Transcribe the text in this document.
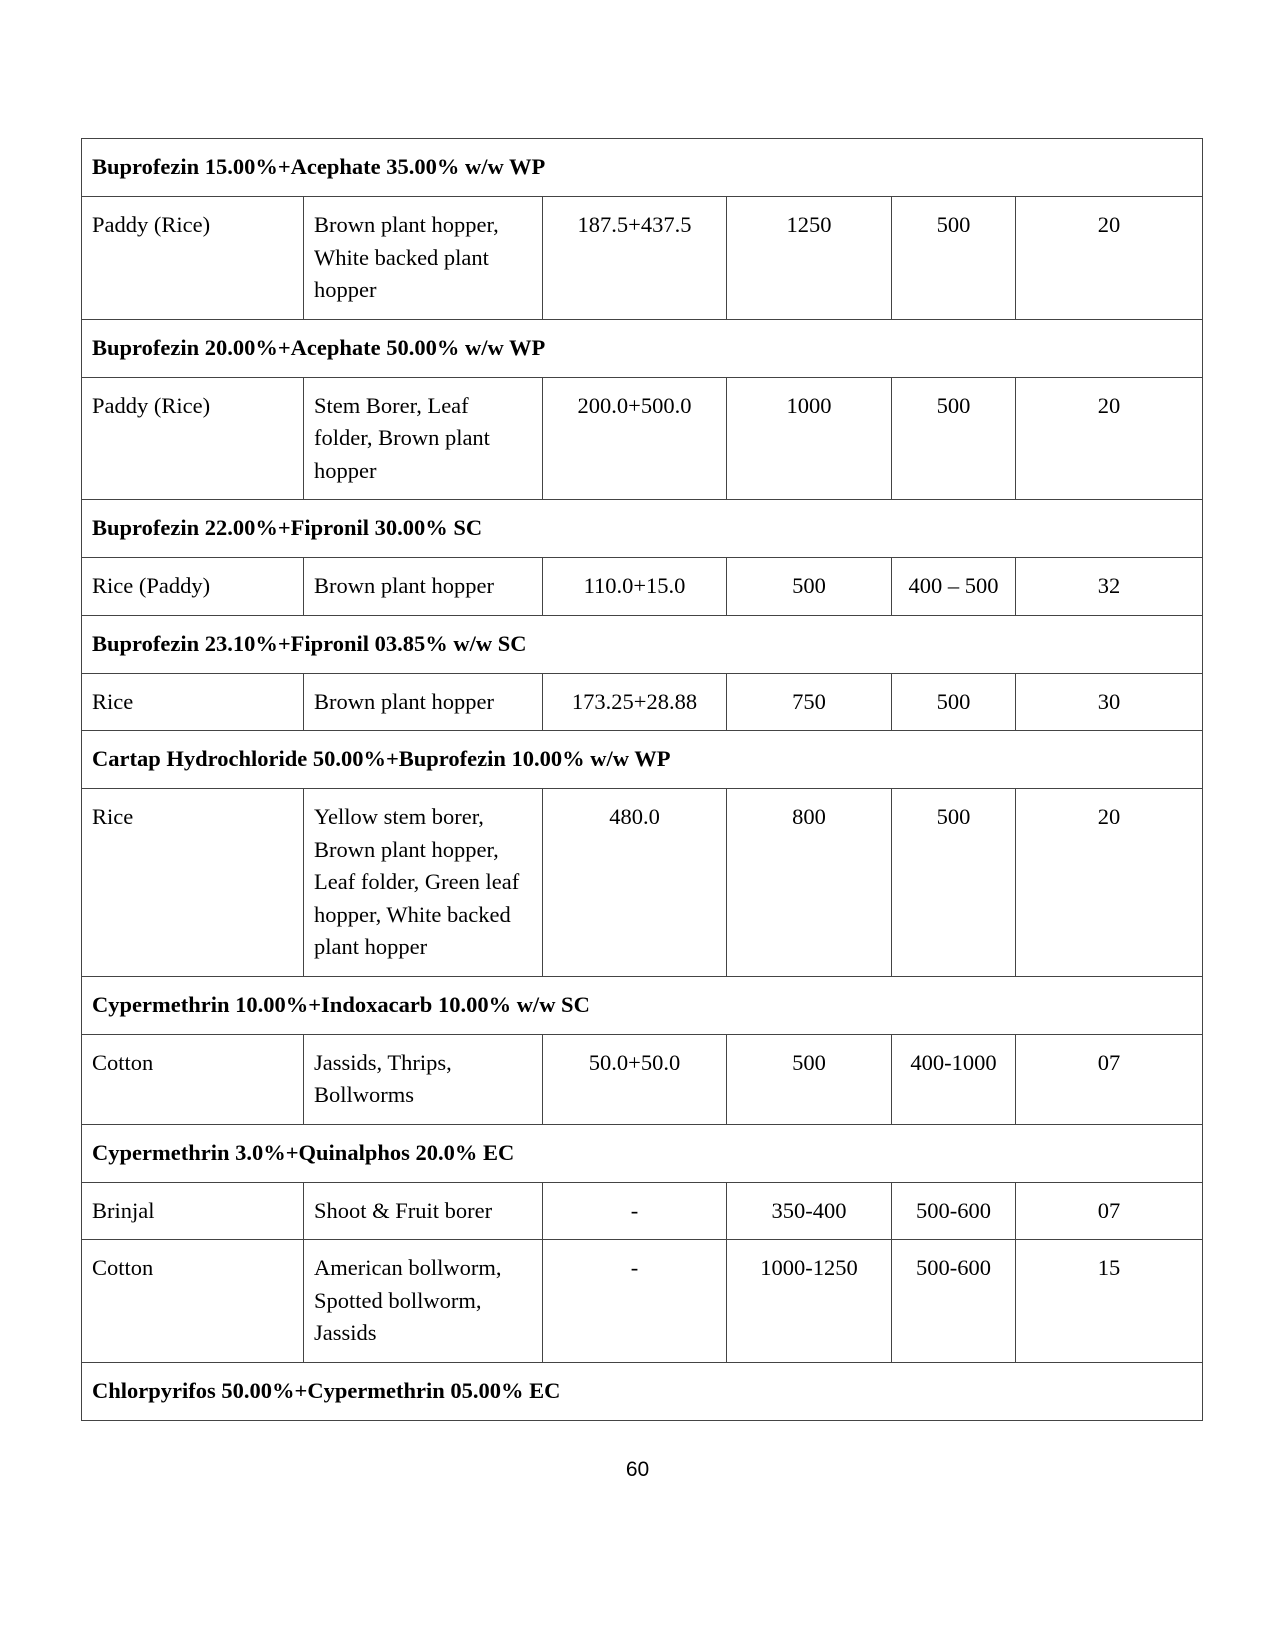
Buprofezin 15.00%+Acephate 35.00% w/w WP					
Paddy (Rice)	Brown plant hopper, White backed plant hopper	187.5+437.5	1250	500	20
Buprofezin 20.00%+Acephate 50.00% w/w WP					
Paddy (Rice)	Stem Borer, Leaf folder, Brown plant hopper	200.0+500.0	1000	500	20
Buprofezin 22.00%+Fipronil 30.00% SC					
Rice (Paddy)	Brown plant hopper	110.0+15.0	500	400 – 500	32
Buprofezin 23.10%+Fipronil 03.85% w/w SC					
Rice	Brown plant hopper	173.25+28.88	750	500	30
Cartap Hydrochloride 50.00%+Buprofezin 10.00% w/w WP					
Rice	Yellow stem borer, Brown plant hopper, Leaf folder, Green leaf hopper, White backed plant hopper	480.0	800	500	20
Cypermethrin 10.00%+Indoxacarb 10.00% w/w SC					
Cotton	Jassids, Thrips, Bollworms	50.0+50.0	500	400-1000	07
Cypermethrin 3.0%+Quinalphos 20.0% EC					
Brinjal	Shoot & Fruit borer	-	350-400	500-600	07
Cotton	American bollworm, Spotted bollworm, Jassids	-	1000-1250	500-600	15
Chlorpyrifos 50.00%+Cypermethrin 05.00% EC					
60
